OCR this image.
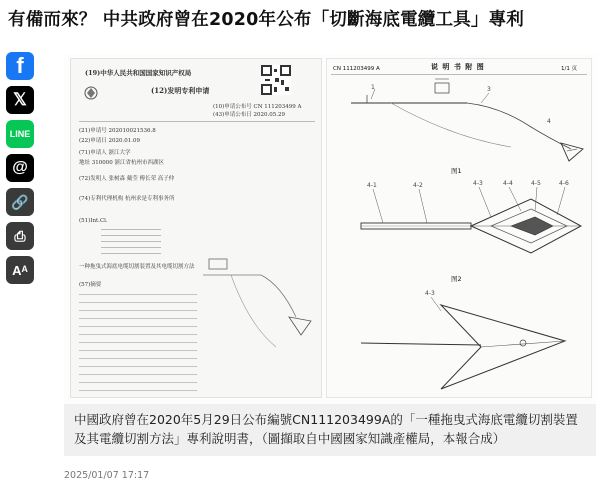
有備而來？ 中共政府曾在2020年公布「切斷海底電纜工具」專利
f
𝕏
LINE
@
🔗
⎙
Aᴬ
(19)中华人民共和国国家知识产权局
(12)发明专利申请
(10)申请公布号 CN 111203499 A
(43)申请公布日 2020.05.29
(21)申请号 202010021536.8
(22)申请日 2020.01.09
(71)申请人 浙江大学
地址 310000 浙江省杭州市西湖区
(72)发明人 张树森 戴莹 傅长荣 高子仲
(74)专利代理机构 杭州求是专利事务所
(51)Int.Cl.
一种拖曳式海底电缆切割装置及其电缆切割方法
(57)摘要
CN 111203499 A	说 明 书 附 图	1/1 页
1	3
4
图1
4-1	4-2	4-3	4-4	4-5	4-6
图2
4-3
中國政府曾在2020年5月29日公布編號CN111203499A的「一種拖曳式海底電纜切割裝置及其電纜切割方法」專利說明書，（圖擷取自中國國家知識產權局，本報合成）
2025/01/07 17:17
